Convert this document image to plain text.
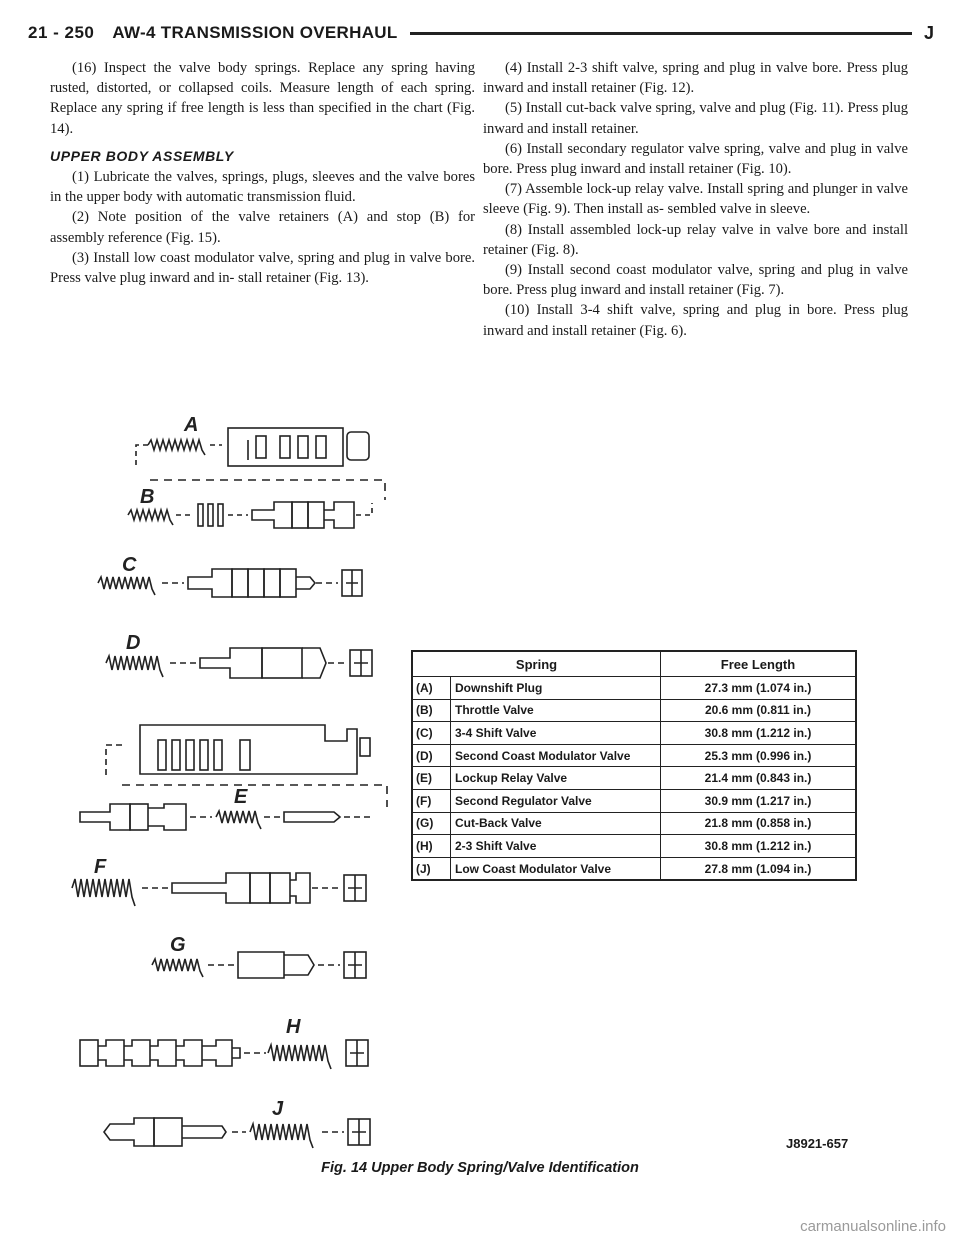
21 - 250 AW-4 TRANSMISSION OVERHAUL	J

(16) Inspect the valve body springs. Replace any spring having rusted, distorted, or collapsed coils. Measure length of each spring. Replace any spring if free length is less than specified in the chart (Fig. 14).

UPPER BODY ASSEMBLY

(1) Lubricate the valves, springs, plugs, sleeves and the valve bores in the upper body with automatic transmission fluid.

(2) Note position of the valve retainers (A) and stop (B) for assembly reference (Fig. 15).

(3) Install low coast modulator valve, spring and plug in valve bore. Press valve plug inward and in- stall retainer (Fig. 13).

(4) Install 2-3 shift valve, spring and plug in valve bore. Press plug inward and install retainer (Fig. 12).

(5) Install cut-back valve spring, valve and plug (Fig. 11). Press plug inward and install retainer.

(6) Install secondary regulator valve spring, valve and plug in valve bore. Press plug inward and install retainer (Fig. 10).

(7) Assemble lock-up relay valve. Install spring and plunger in valve sleeve (Fig. 9). Then install as- sembled valve in sleeve.

(8) Install assembled lock-up relay valve in valve bore and install retainer (Fig. 8).

(9) Install second coast modulator valve, spring and plug in valve bore. Press plug inward and install retainer (Fig. 7).

(10) Install 3-4 shift valve, spring and plug in bore. Press plug inward and install retainer (Fig. 6).

A
B
C
D
E
F
G
H
J
Spring		Free Length
(A)	Downshift Plug	27.3 mm (1.074 in.)
(B)	Throttle Valve	20.6 mm (0.811 in.)
(C)	3-4 Shift Valve	30.8 mm (1.212 in.)
(D)	Second Coast Modulator Valve	25.3 mm (0.996 in.)
(E)	Lockup Relay Valve	21.4 mm (0.843 in.)
(F)	Second Regulator Valve	30.9 mm (1.217 in.)
(G)	Cut-Back Valve	21.8 mm (0.858 in.)
(H)	2-3 Shift Valve	30.8 mm (1.212 in.)
(J)	Low Coast Modulator Valve	27.8 mm (1.094 in.)
J8921-657
Fig. 14 Upper Body Spring/Valve Identification
carmanualsonline.info
